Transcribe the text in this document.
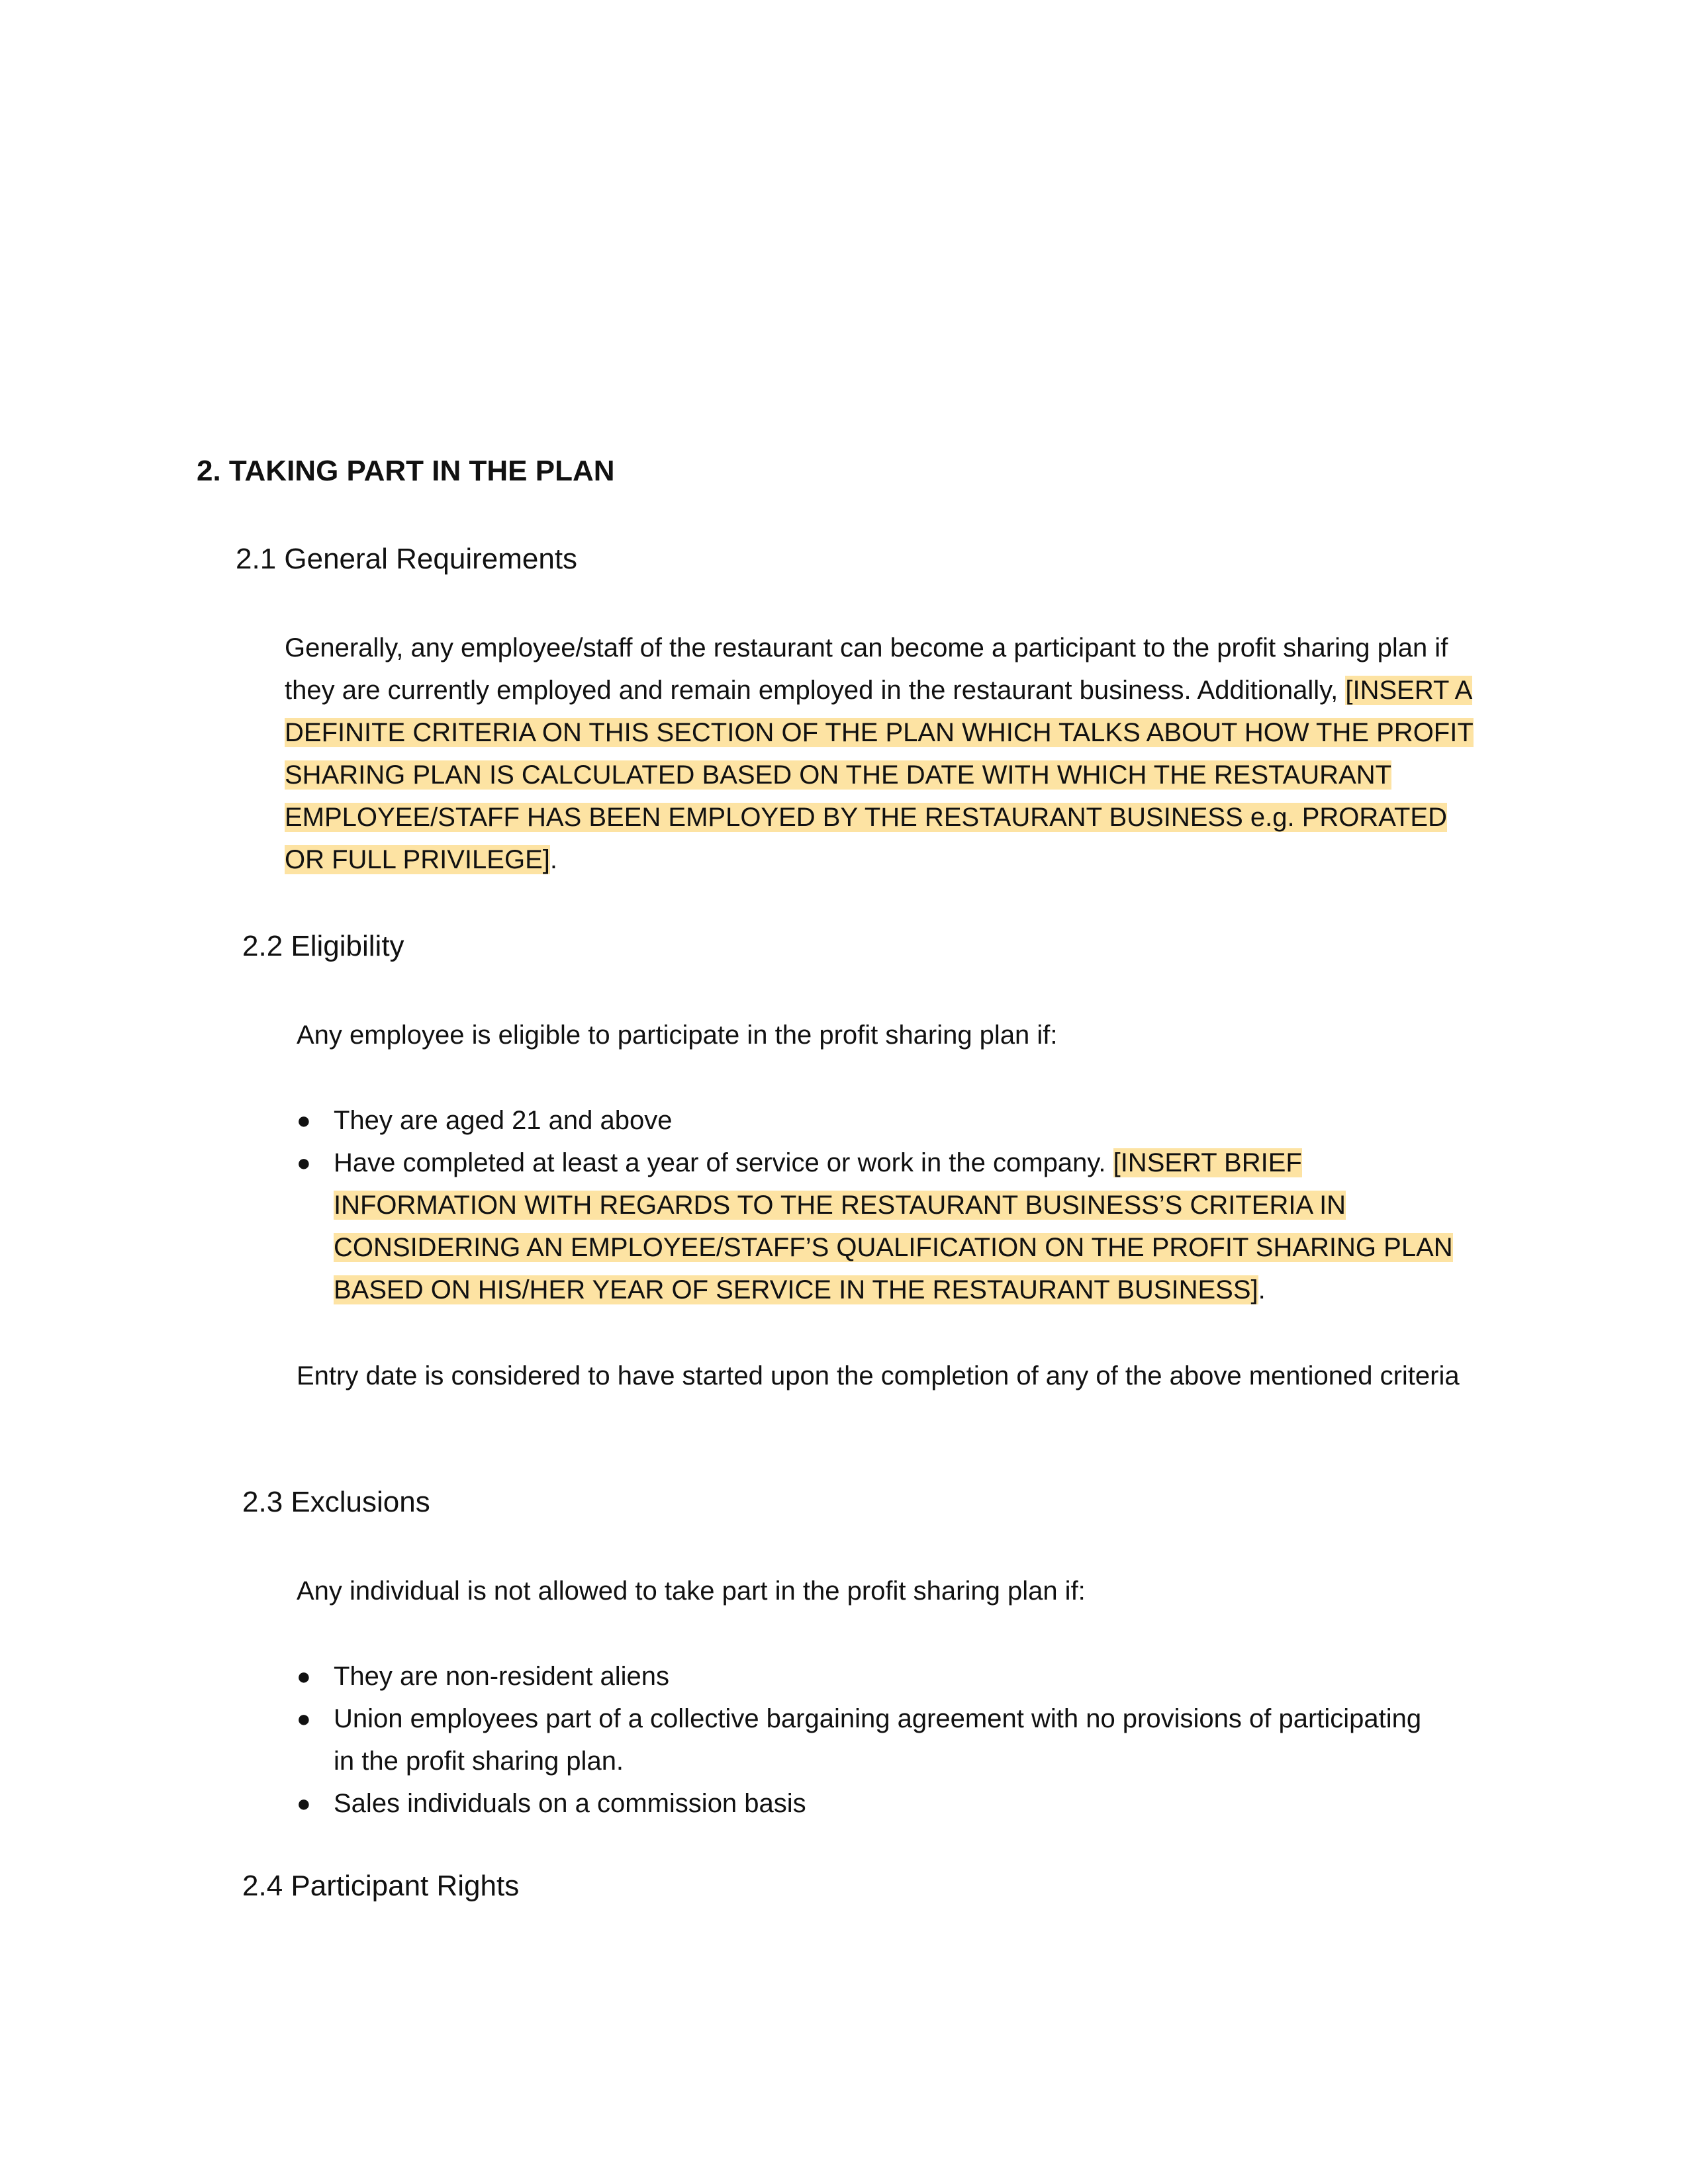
2. TAKING PART IN THE PLAN
2.1 General Requirements

Generally, any employee/staff of the restaurant can become a participant to the profit sharing plan if they are currently employed and remain employed in the restaurant business. Additionally, [INSERT A DEFINITE CRITERIA ON THIS SECTION OF THE PLAN WHICH TALKS ABOUT HOW THE PROFIT SHARING PLAN IS CALCULATED BASED ON THE DATE WITH WHICH THE RESTAURANT EMPLOYEE/STAFF HAS BEEN EMPLOYED BY THE RESTAURANT BUSINESS e.g. PRORATED OR FULL PRIVILEGE].

2.2 Eligibility

Any employee is eligible to participate in the profit sharing plan if:

● They are aged 21 and above
● Have completed at least a year of service or work in the company. [INSERT BRIEF INFORMATION WITH REGARDS TO THE RESTAURANT BUSINESS’S CRITERIA IN CONSIDERING AN EMPLOYEE/STAFF’S QUALIFICATION ON THE PROFIT SHARING PLAN BASED ON HIS/HER YEAR OF SERVICE IN THE RESTAURANT BUSINESS].

Entry date is considered to have started upon the completion of any of the above mentioned criteria

2.3 Exclusions

Any individual is not allowed to take part in the profit sharing plan if:

● They are non-resident aliens
● Union employees part of a collective bargaining agreement with no provisions of participating in the profit sharing plan.
● Sales individuals on a commission basis
2.4 Participant Rights
